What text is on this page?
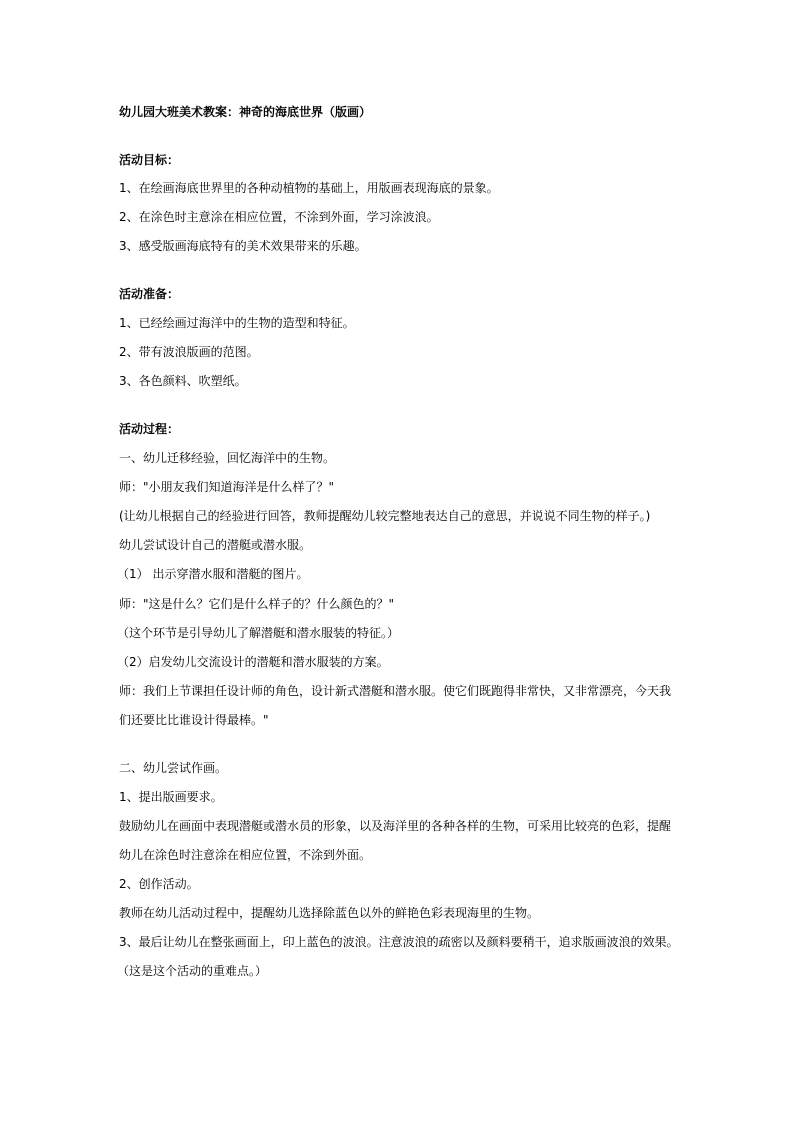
幼儿园大班美术教案：神奇的海底世界（版画）
活动目标：
1、在绘画海底世界里的各种动植物的基础上，用版画表现海底的景象。
2、在涂色时主意涂在相应位置，不涂到外面，学习涂波浪。
3、感受版画海底特有的美术效果带来的乐趣。
活动准备：
1、已经绘画过海洋中的生物的造型和特征。
2、带有波浪版画的范图。
3、各色颜料、吹塑纸。
活动过程：
一、幼儿迁移经验，回忆海洋中的生物。
师："小朋友我们知道海洋是什么样了？"
(让幼儿根据自己的经验进行回答，教师提醒幼儿较完整地表达自己的意思，并说说不同生物的样子。)
幼儿尝试设计自己的潜艇或潜水服。
（1） 出示穿潜水服和潜艇的图片。
师："这是什么？它们是什么样子的？什么颜色的？"
（这个环节是引导幼儿了解潜艇和潜水服装的特征。）
（2）启发幼儿交流设计的潜艇和潜水服装的方案。
师：我们上节课担任设计师的角色，设计新式潜艇和潜水服。使它们既跑得非常快，又非常漂亮，今天我
们还要比比谁设计得最棒。"
二、幼儿尝试作画。
1、提出版画要求。
鼓励幼儿在画面中表现潜艇或潜水员的形象，以及海洋里的各种各样的生物，可采用比较亮的色彩，提醒
幼儿在涂色时注意涂在相应位置，不涂到外面。
2、创作活动。
教师在幼儿活动过程中，提醒幼儿选择除蓝色以外的鲜艳色彩表现海里的生物。
3、最后让幼儿在整张画面上，印上蓝色的波浪。注意波浪的疏密以及颜料要稍干，追求版画波浪的效果。
（这是这个活动的重难点。）
